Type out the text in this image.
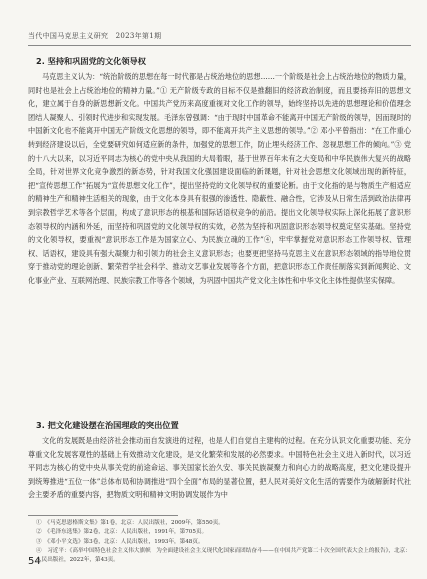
当代中国马克思主义研究　2023年第1期
2. 坚持和巩固党的文化领导权

马克思主义认为：“统治阶级的思想在每一时代都是占统治地位的思想……一个阶级是社会上占统治地位的物质力量，同时也是社会上占统治地位的精神力量。”① 无产阶级专政的目标不仅是推翻旧的经济政治制度，而且要扬弃旧的思想文化，建立属于自身的新思想新文化。中国共产党历来高度重视对文化工作的领导，始终坚持以先进的思想理论和价值理念团结人凝聚人、引领时代进步和实现发展。毛泽东曾强调：“由于现时中国革命不能离开中国无产阶级的领导，因而现时的中国新文化也不能离开中国无产阶级文化思想的领导，即不能离开共产主义思想的领导。”② 邓小平曾指出：“在工作重心转到经济建设以后，全党要研究如何适应新的条件，加强党的思想工作，防止埋头经济工作、忽视思想工作的倾向。”③ 党的十八大以来，以习近平同志为核心的党中央从我国的大局着眼，基于世界百年未有之大变局和中华民族伟大复兴的战略全局，针对世界文化竞争激烈的新态势，针对我国文化强国建设面临的新课题，针对社会思想文化领域出现的新特征，把“宣传思想工作”拓展为“宣传思想文化工作”，提出坚持党的文化领导权的重要论断。由于文化指的是与物质生产相适应的精神生产和精神生活相关的现象，由于文化本身具有很强的渗透性、隐蔽性、融合性，它涉及从日常生活到政治法律再到宗教哲学艺术等各个层面，构成了意识形态的根基和国际话语权竞争的前沿。提出文化领导权实际上深化拓展了意识形态领导权的内涵和外延，而坚持和巩固党的文化领导权的实效，必然为坚持和巩固意识形态领导权奠定坚实基础。坚持党的文化领导权，要重视“意识形态工作是为国家立心、为民族立魂的工作”④，牢牢掌握党对意识形态工作领导权、管理权、话语权，建设具有强大凝聚力和引领力的社会主义意识形态；也要更把坚持马克思主义在意识形态领域的指导地位贯穿于推动党的理论创新、繁荣哲学社会科学、推动文艺事业发展等各个方面，把意识形态工作责任制落实到新闻舆论、文化事业产业、互联网治理、民族宗教工作等各个领域，为巩固中国共产党文化主体性和中华文化主体性提供坚实保障。

3. 把文化建设摆在治国理政的突出位置

文化的发展既是由经济社会推动而自发演进的过程，也是人们自觉自主建构的过程。在充分认识文化重要功能、充分尊重文化发展客观性的基础上有效推动文化建设，是文化繁荣和发展的必然要求。中国特色社会主义进入新时代，以习近平同志为核心的党中央从事关党的前途命运、事关国家长治久安、事关民族凝聚力和向心力的战略高度，把文化建设提升到统筹推进“五位一体”总体布局和协调推进“四个全面”布局的显著位置，把人民对美好文化生活的需要作为破解新时代社会主要矛盾的重要内容，把物质文明和精神文明协调发展作为中

①　《马克思恩格斯文集》第1卷，北京：人民出版社，2009年，第550页。
②　《毛泽东选集》第2卷，北京：人民出版社，1991年，第705页。
③　《邓小平文选》第3卷，北京：人民出版社，1993年，第48页。
④　习近平：《高举中国特色社会主义伟大旗帜　为全面建设社会主义现代化国家而团结奋斗——在中国共产党第二十次全国代表大会上的报告》，北京：人民出版社，2022年，第43页。
54
